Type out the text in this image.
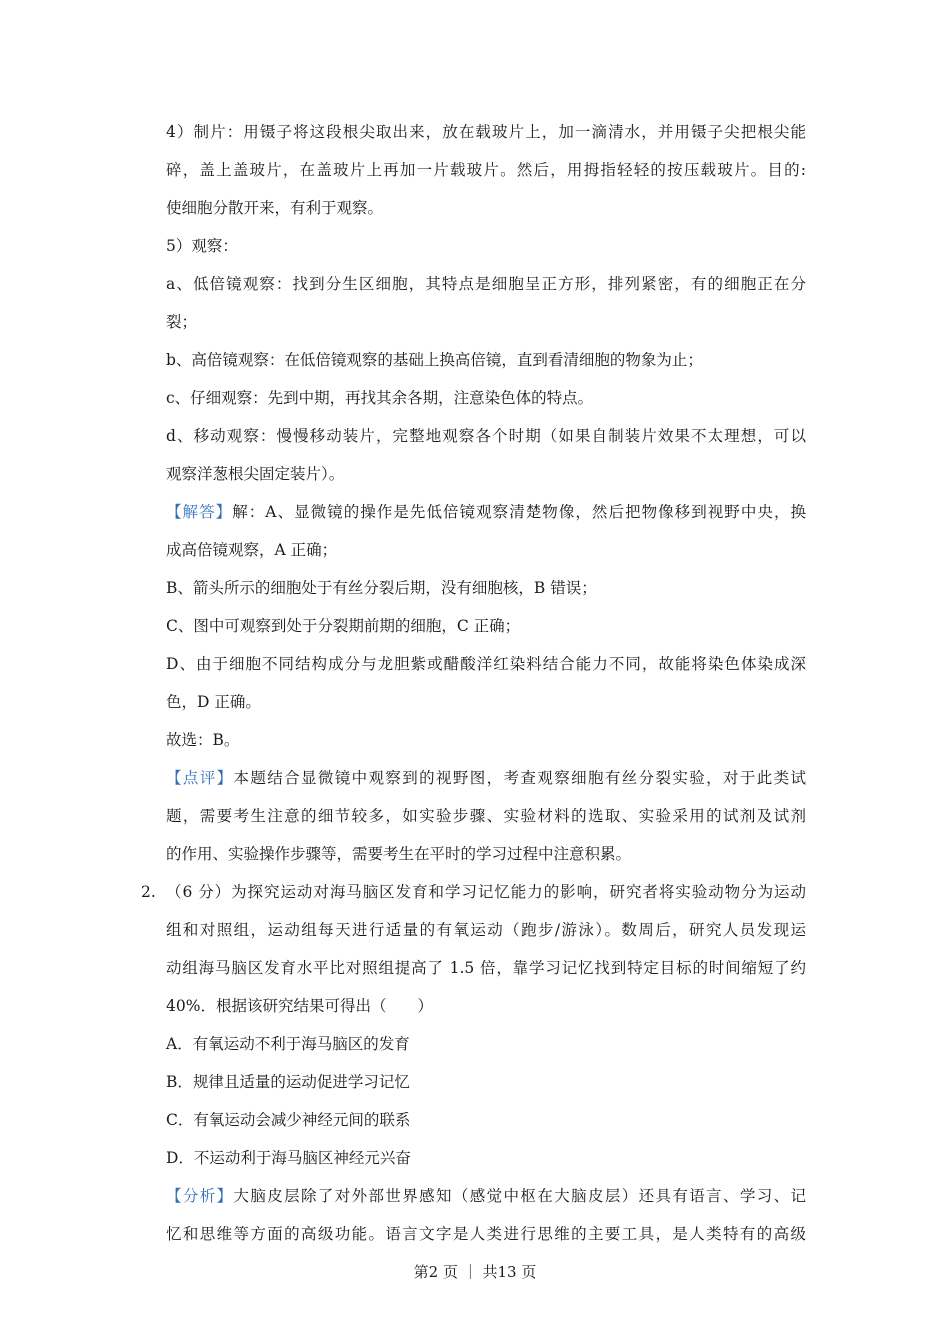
4）制片：用镊子将这段根尖取出来，放在载玻片上，加一滴清水，并用镊子尖把根尖能
碎，盖上盖玻片，在盖玻片上再加一片载玻片。然后，用拇指轻轻的按压载玻片。目的:
使细胞分散开来，有利于观察。
5）观察：
a、低倍镜观察：找到分生区细胞，其特点是细胞呈正方形，排列紧密，有的细胞正在分
裂；
b、高倍镜观察：在低倍镜观察的基础上换高倍镜，直到看清细胞的物象为止；
c、仔细观察：先到中期，再找其余各期，注意染色体的特点。
d、移动观察：慢慢移动装片，完整地观察各个时期（如果自制装片效果不太理想，可以
观察洋葱根尖固定装片）。
【解答】解：A、显微镜的操作是先低倍镜观察清楚物像，然后把物像移到视野中央，换
成高倍镜观察，A 正确；
B、箭头所示的细胞处于有丝分裂后期，没有细胞核，B 错误；
C、图中可观察到处于分裂期前期的细胞，C 正确；
D、由于细胞不同结构成分与龙胆紫或醋酸洋红染料结合能力不同，故能将染色体染成深
色，D 正确。
故选：B。
【点评】本题结合显微镜中观察到的视野图，考查观察细胞有丝分裂实验，对于此类试
题，需要考生注意的细节较多，如实验步骤、实验材料的选取、实验采用的试剂及试剂
的作用、实验操作步骤等，需要考生在平时的学习过程中注意积累。
2. （6 分）为探究运动对海马脑区发育和学习记忆能力的影响，研究者将实验动物分为运动
组和对照组，运动组每天进行适量的有氧运动（跑步/游泳）。数周后，研究人员发现运
动组海马脑区发育水平比对照组提高了 1.5 倍，靠学习记忆找到特定目标的时间缩短了约
40%．根据该研究结果可得出（　　）
A．有氧运动不利于海马脑区的发育
B．规律且适量的运动促进学习记忆
C．有氧运动会减少神经元间的联系
D．不运动利于海马脑区神经元兴奋
【分析】大脑皮层除了对外部世界感知（感觉中枢在大脑皮层）还具有语言、学习、记
忆和思维等方面的高级功能。语言文字是人类进行思维的主要工具，是人类特有的高级
第2 页 ｜ 共13 页
